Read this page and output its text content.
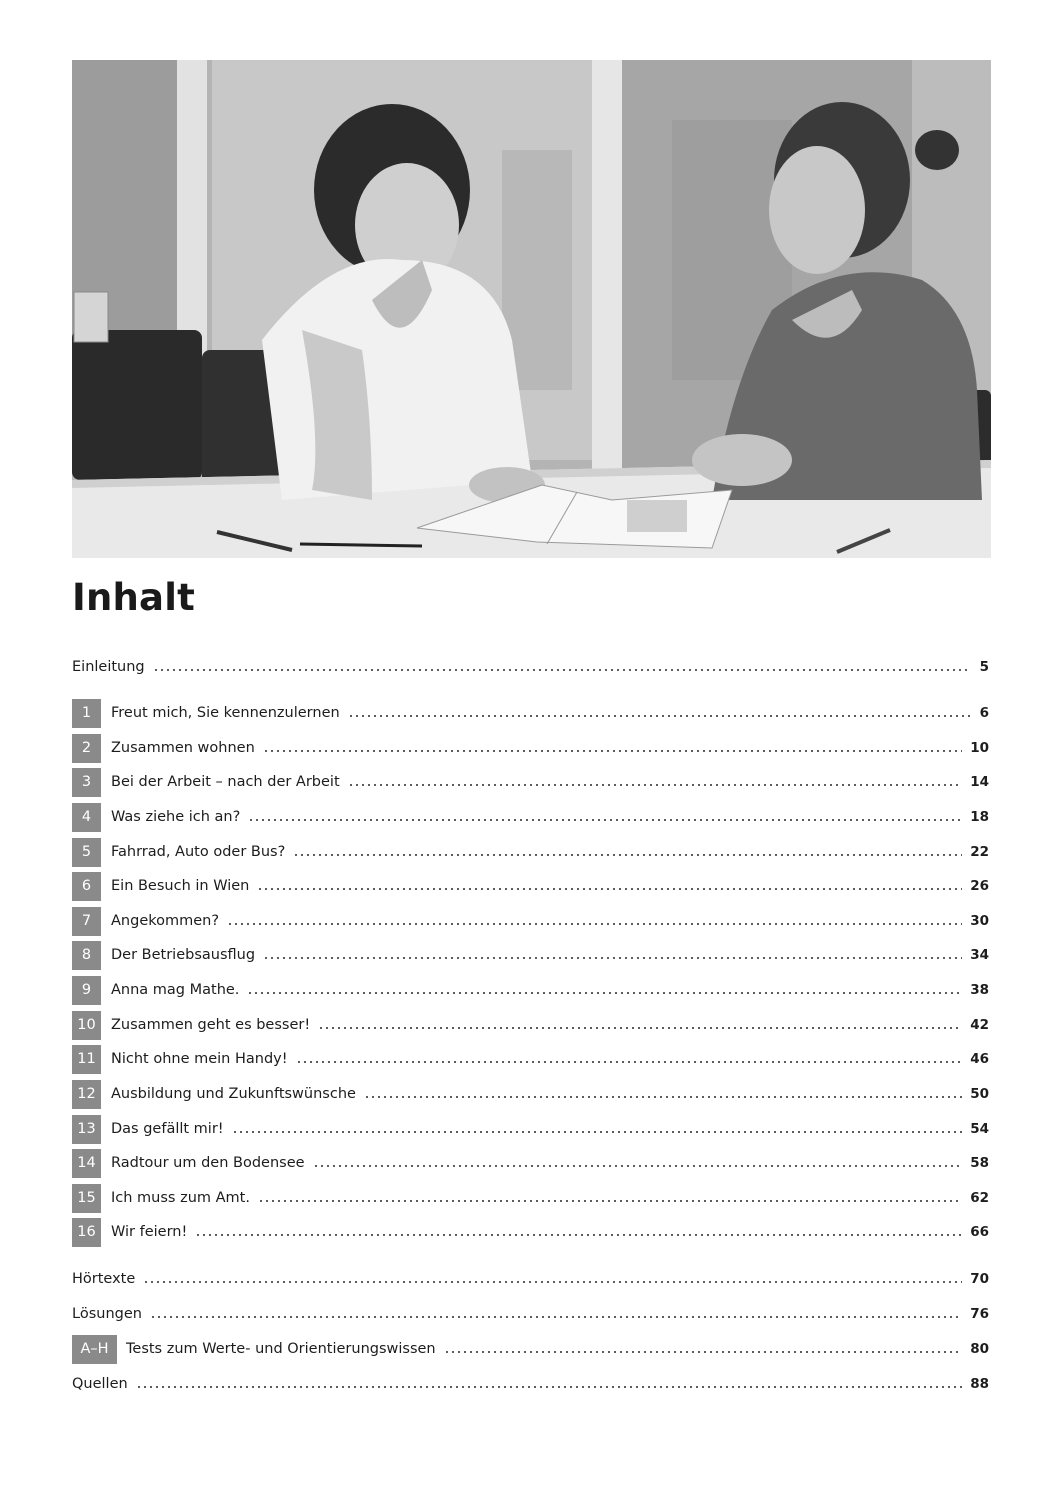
Inhalt
Einleitung	5
1	Freut mich, Sie kennenzulernen	6
2	Zusammen wohnen	10
3	Bei der Arbeit – nach der Arbeit	14
4	Was ziehe ich an?	18
5	Fahrrad, Auto oder Bus?	22
6	Ein Besuch in Wien	26
7	Angekommen?	30
8	Der Betriebsausflug	34
9	Anna mag Mathe.	38
10	Zusammen geht es besser!	42
11	Nicht ohne mein Handy!	46
12	Ausbildung und Zukunftswünsche	50
13	Das gefällt mir!	54
14	Radtour um den Bodensee	58
15	Ich muss zum Amt.	62
16	Wir feiern!	66
Hörtexte	70
Lösungen	76
A–H	Tests zum Werte- und Orientierungswissen	80
Quellen	88
